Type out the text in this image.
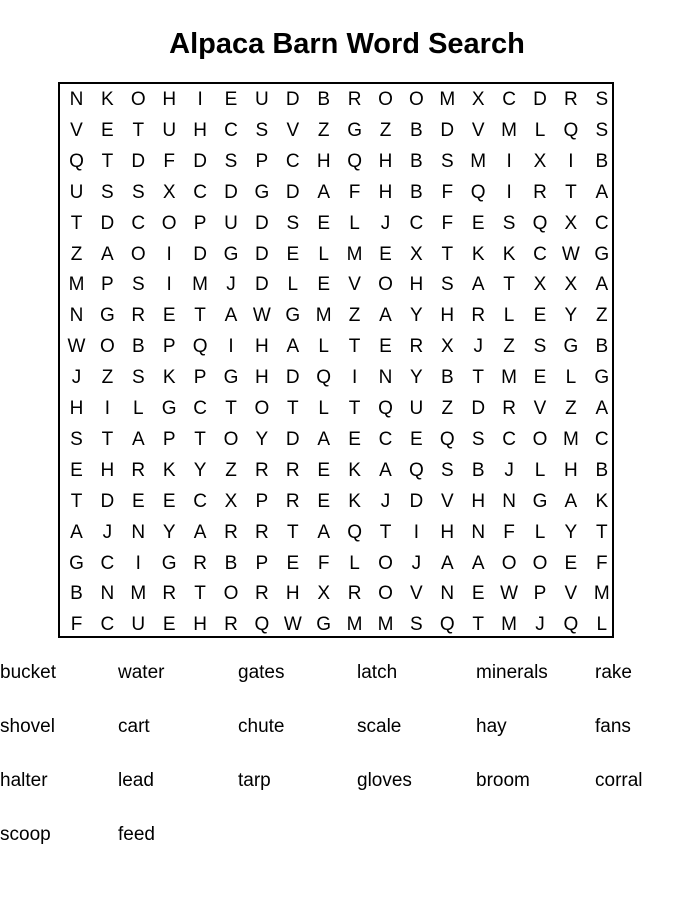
Alpaca Barn Word Search
N K O H	I	E U D B R O O M X C D R S
V E T U H C S V Z G Z B D V M L Q S
Q T D F D S P C H Q H B S M	I	X	I	B
U S S X C D G D A F H B F Q	I	R T A
T D C O P U D S E	L	J	C F E S Q X C
Z A O	I	D G D E	L M E X T K K C W G
M P S	I	M J	D L	E V O H S A T X X A
N G R E T A W G M Z A Y H R L	E Y Z
W O B P Q	I	H A	L	T E R X	J	Z S G B
J	Z S K P G H D Q	I	N Y B T M E	L G
H	I	L G C T O T	L	T Q U Z D R V Z A
S T A P T O Y D A E C E Q S C O M C
E H R K Y Z R R E K A Q S B	J	L H B
T D E E C X P R E K	J	D V H N G A K
A	J	N Y A R R T A Q T	I	H N F	L	Y T
G C	I	G R B P E F	L O J	A A O O E F
B N M R T O R H X R O V N E W P V M
F C U E H R Q W G M M S Q T M J Q L
bucket	water	gates	latch	minerals rake
shovel	cart	chute	scale	hay	fans
halter	lead	tarp	gloves	broom	corral
scoop	feed
